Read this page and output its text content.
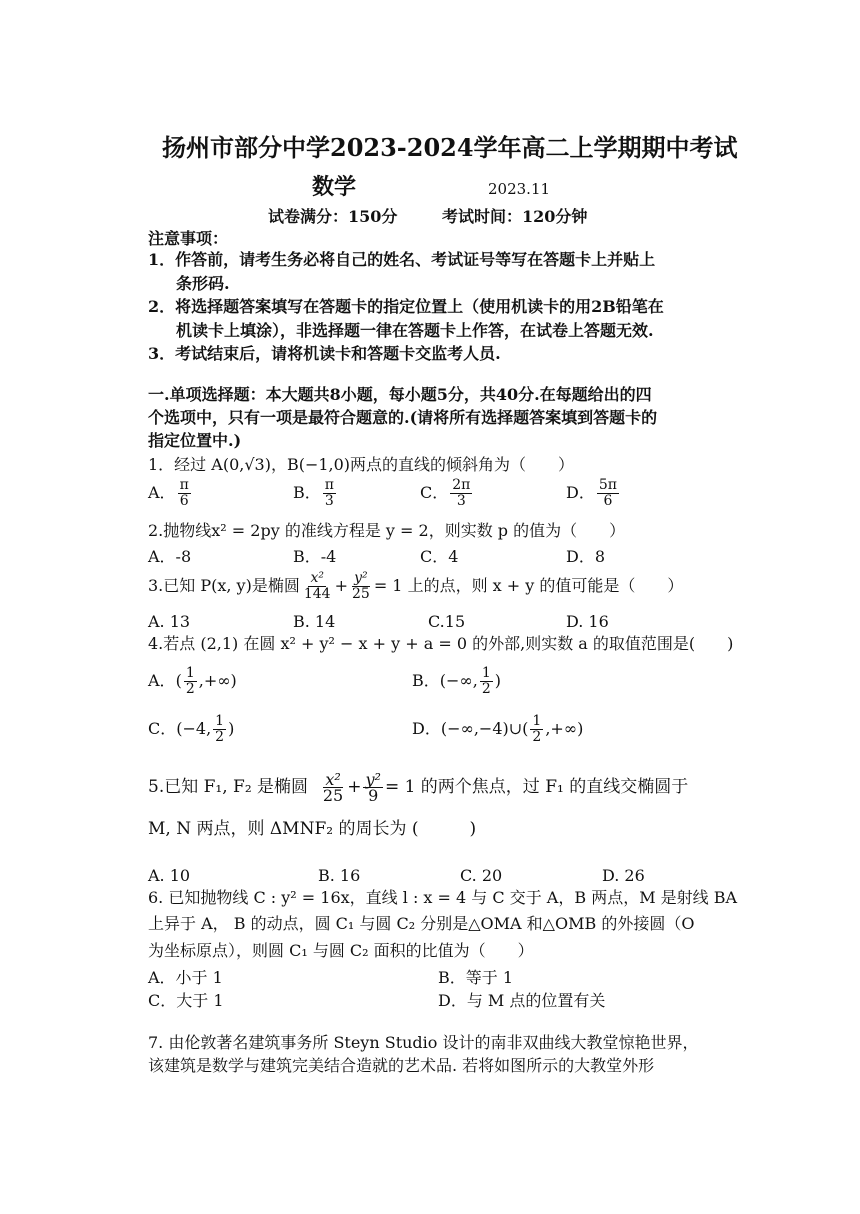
扬州市部分中学2023-2024学年高二上学期期中考试
数学	2023.11
试卷满分：150分	考试时间：120分钟
注意事项：
1．作答前，请考生务必将自己的姓名、考试证号等写在答题卡上并贴上
条形码.
2．将选择题答案填写在答题卡的指定位置上（使用机读卡的用2B铅笔在
机读卡上填涂），非选择题一律在答题卡上作答，在试卷上答题无效.
3．考试结束后，请将机读卡和答题卡交监考人员.
一.单项选择题：本大题共8小题，每小题5分，共40分.在每题给出的四
个选项中，只有一项是最符合题意的.(请将所有选择题答案填到答题卡的
指定位置中.)
1．经过 A(0,√3)，B(−1,0)两点的直线的倾斜角为（　　）
A． $\frac{\pi}{6}$	B． $\frac{\pi}{3}$	C． $\frac{2\pi}{3}$	D． $\frac{5\pi}{6}$
2.抛物线x² = 2py 的准线方程是 y = 2，则实数 p 的值为（　　）
A．-8	B．-4	C．4	D．8
3.已知 P(x, y)是椭圆 $\frac{\text{x²}}{144} + \frac{\text{y²}}{25} = 1$ 上的点，则 x + y 的值可能是（　　）
A. 13	B. 14	C.15	D. 16
4.若点 (2,1) 在圆 x² + y² − x + y + a = 0 的外部,则实数 a 的取值范围是(　　)
A．( $\frac{1}{2}$ ,+∞)	B．(−∞, $\frac{1}{2}$ )
C．(−4, $\frac{1}{2}$ )	D．(−∞,−4)∪( $\frac{1}{2}$ ,+∞)
5.已知 F₁, F₂ 是椭圆 $\frac{\text{x²}}{25} + \frac{\text{y²}}{9} = 1$ 的两个焦点，过 F₁ 的直线交椭圆于
M, N 两点，则 ΔMNF₂ 的周长为 (　　　)
A. 10	B. 16	C. 20	D. 26
6. 已知抛物线 C : y² = 16x，直线 l : x = 4 与 C 交于 A，B 两点，M 是射线 BA
上异于 A， B 的动点，圆 C₁ 与圆 C₂ 分别是△OMA 和△OMB 的外接圆（O
为坐标原点），则圆 C₁ 与圆 C₂ 面积的比值为（　　）
A．小于 1	B．等于 1
C．大于 1	D．与 M 点的位置有关
7. 由伦敦著名建筑事务所 Steyn Studio 设计的南非双曲线大教堂惊艳世界，
该建筑是数学与建筑完美结合造就的艺术品. 若将如图所示的大教堂外形
